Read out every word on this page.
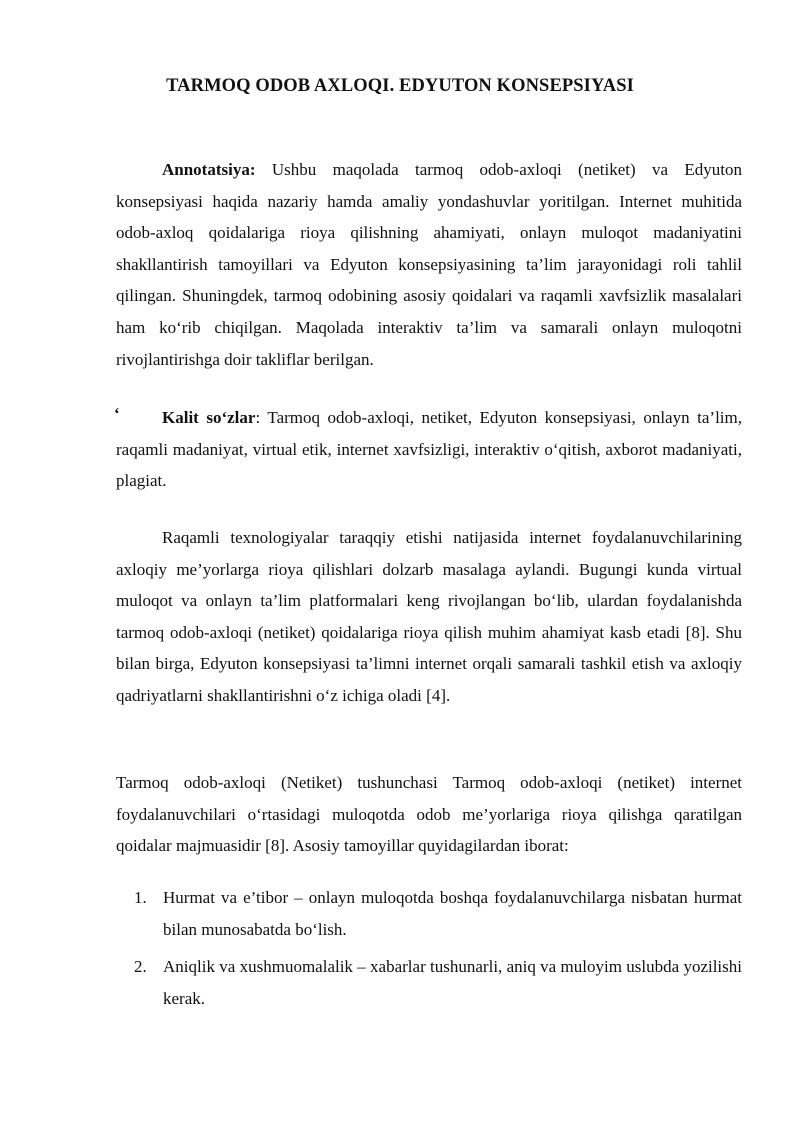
TARMOQ ODOB AXLOQI. EDYUTON KONSEPSIYASI
Annotatsiya: Ushbu maqolada tarmoq odob-axloqi (netiket) va Edyuton konsepsiyasi haqida nazariy hamda amaliy yondashuvlar yoritilgan. Internet muhitida odob-axloq qoidalariga rioya qilishning ahamiyati, onlayn muloqot madaniyatini shakllantirish tamoyillari va Edyuton konsepsiyasining ta’lim jarayonidagi roli tahlil qilingan. Shuningdek, tarmoq odobining asosiy qoidalari va raqamli xavfsizlik masalalari ham ko‘rib chiqilgan. Maqolada interaktiv ta’lim va samarali onlayn muloqotni rivojlantirishga doir takliflar berilgan.
‘	Kalit so‘zlar: Tarmoq odob-axloqi, netiket, Edyuton konsepsiyasi, onlayn ta’lim, raqamli madaniyat, virtual etik, internet xavfsizligi, interaktiv o‘qitish, axborot madaniyati, plagiat.
Raqamli texnologiyalar taraqqiy etishi natijasida internet foydalanuvchilarining axloqiy me’yorlarga rioya qilishlari dolzarb masalaga aylandi. Bugungi kunda virtual muloqot va onlayn ta’lim platformalari keng rivojlangan bo‘lib, ulardan foydalanishda tarmoq odob-axloqi (netiket) qoidalariga rioya qilish muhim ahamiyat kasb etadi [8]. Shu bilan birga, Edyuton konsepsiyasi ta’limni internet orqali samarali tashkil etish va axloqiy qadriyatlarni shakllantirishni o‘z ichiga oladi [4].
Tarmoq odob-axloqi (Netiket) tushunchasi Tarmoq odob-axloqi (netiket) internet foydalanuvchilari o‘rtasidagi muloqotda odob me’yorlariga rioya qilishga qaratilgan qoidalar majmuasidir [8]. Asosiy tamoyillar quyidagilardan iborat:
1. Hurmat va e’tibor – onlayn muloqotda boshqa foydalanuvchilarga nisbatan hurmat bilan munosabatda bo‘lish.
2. Aniqlik va xushmuomalalik – xabarlar tushunarli, aniq va muloyim uslubda yozilishi kerak.
